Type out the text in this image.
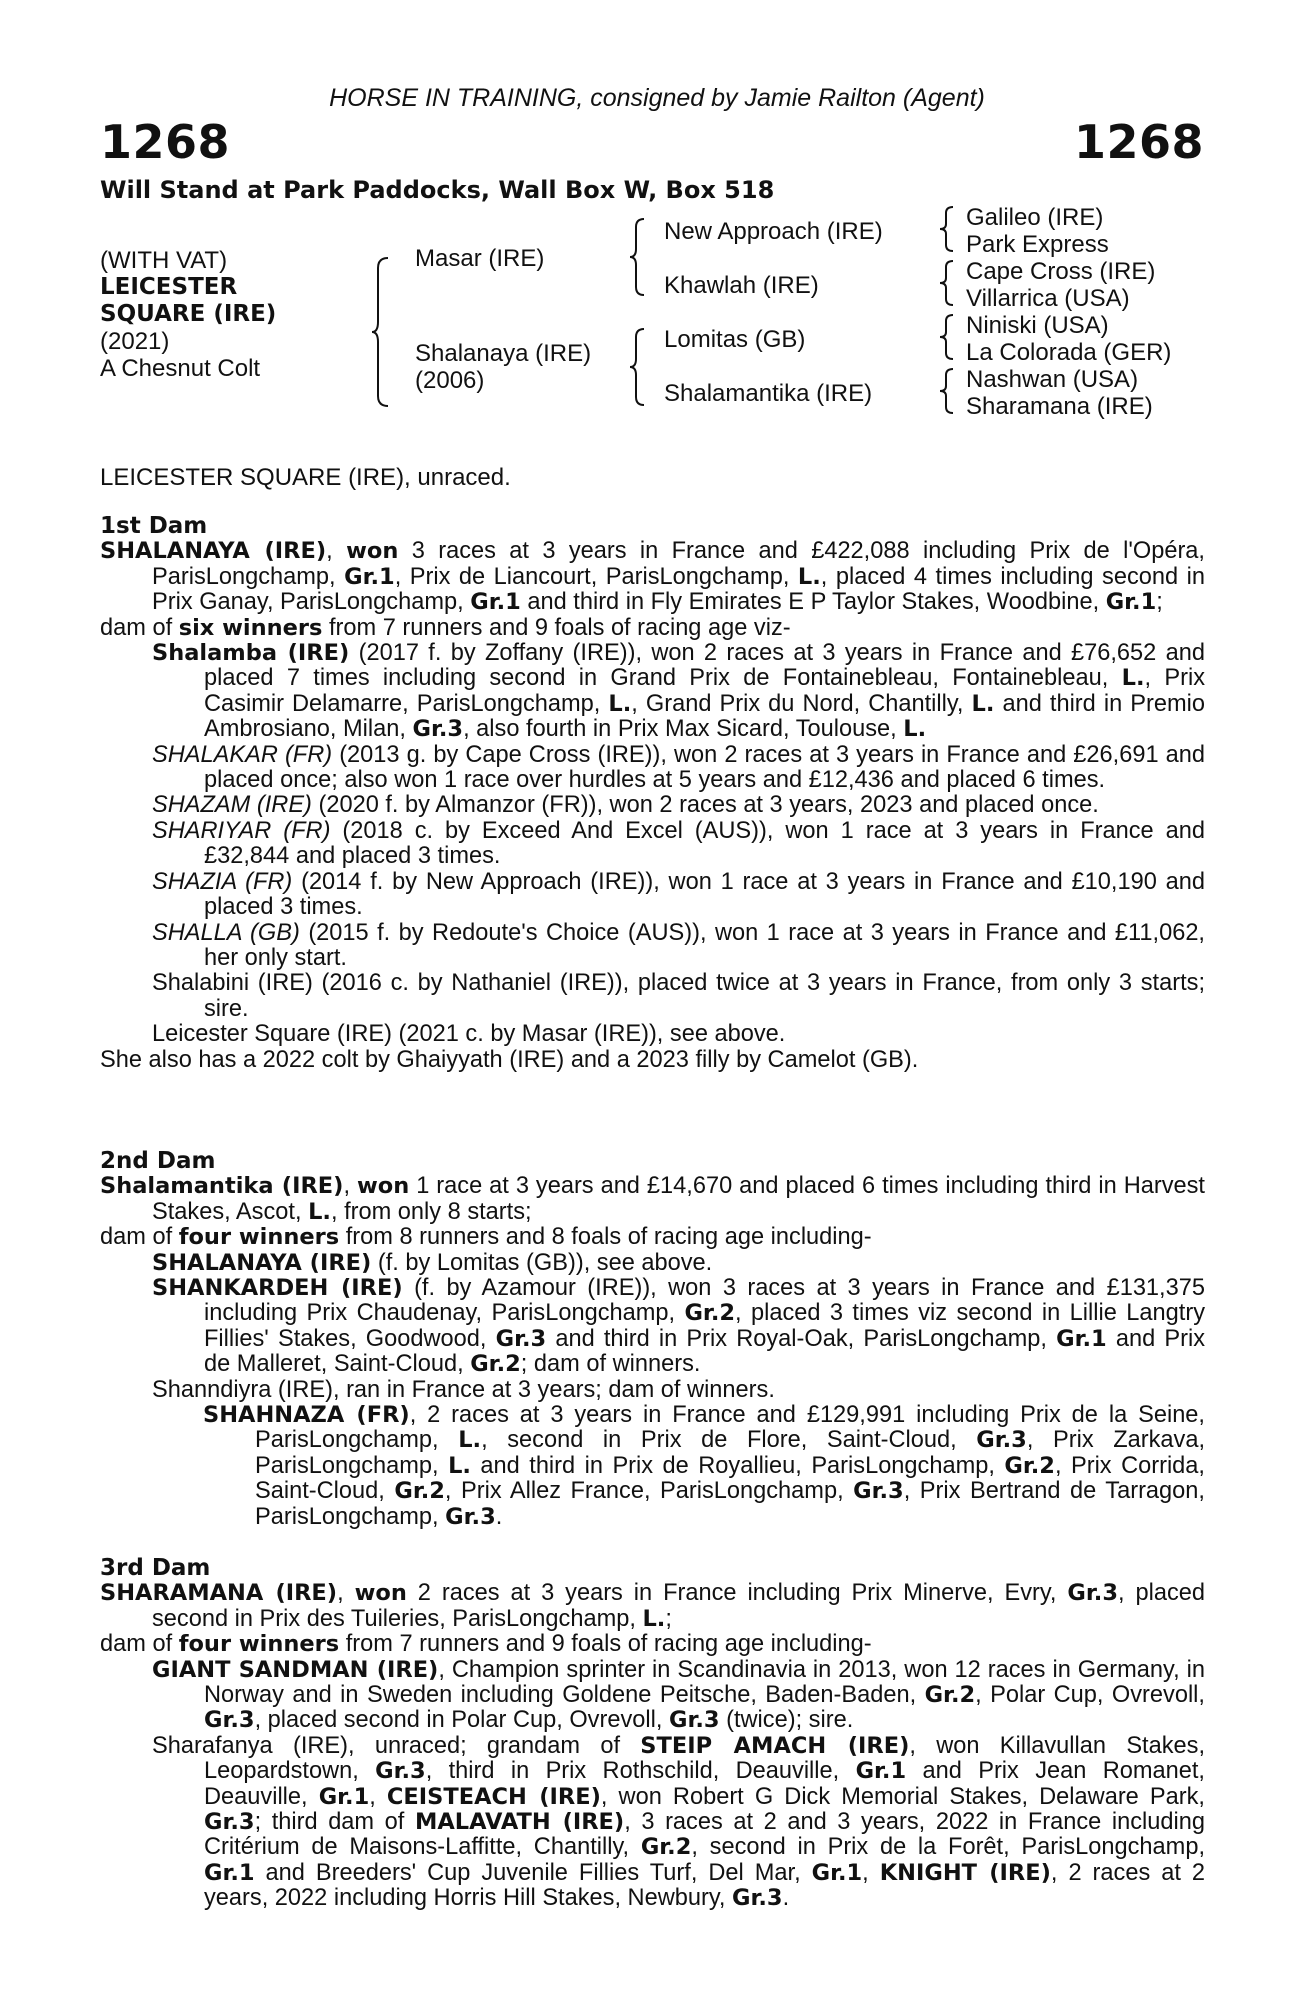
HORSE IN TRAINING, consigned by Jamie Railton (Agent)
1268	1268
Will Stand at Park Paddocks, Wall Box W, Box 518
(WITH VAT)
LEICESTER
SQUARE (IRE)
(2021)
A Chesnut Colt
Masar (IRE)
Shalanaya (IRE)
(2006)
New Approach (IRE)
Khawlah (IRE)
Lomitas (GB)
Shalamantika (IRE)
Galileo (IRE)
Park Express
Cape Cross (IRE)
Villarrica (USA)
Niniski (USA)
La Colorada (GER)
Nashwan (USA)
Sharamana (IRE)
LEICESTER SQUARE (IRE), unraced.
1st Dam

SHALANAYA (IRE), won 3 races at 3 years in France and £422,088 including Prix de l'Opéra, ParisLongchamp, Gr.1, Prix de Liancourt, ParisLongchamp, L., placed 4 times including second in Prix Ganay, ParisLongchamp, Gr.1 and third in Fly Emirates E P Taylor Stakes, Woodbine, Gr.1;

dam of six winners from 7 runners and 9 foals of racing age viz-

Shalamba (IRE) (2017 f. by Zoffany (IRE)), won 2 races at 3 years in France and £76,652 and placed 7 times including second in Grand Prix de Fontainebleau, Fontainebleau, L., Prix Casimir Delamarre, ParisLongchamp, L., Grand Prix du Nord, Chantilly, L. and third in Premio Ambrosiano, Milan, Gr.3, also fourth in Prix Max Sicard, Toulouse, L.

SHALAKAR (FR) (2013 g. by Cape Cross (IRE)), won 2 races at 3 years in France and £26,691 and placed once; also won 1 race over hurdles at 5 years and £12,436 and placed 6 times.

SHAZAM (IRE) (2020 f. by Almanzor (FR)), won 2 races at 3 years, 2023 and placed once.

SHARIYAR (FR) (2018 c. by Exceed And Excel (AUS)), won 1 race at 3 years in France and £32,844 and placed 3 times.

SHAZIA (FR) (2014 f. by New Approach (IRE)), won 1 race at 3 years in France and £10,190 and placed 3 times.

SHALLA (GB) (2015 f. by Redoute's Choice (AUS)), won 1 race at 3 years in France and £11,062, her only start.

Shalabini (IRE) (2016 c. by Nathaniel (IRE)), placed twice at 3 years in France, from only 3 starts; sire.

Leicester Square (IRE) (2021 c. by Masar (IRE)), see above.

She also has a 2022 colt by Ghaiyyath (IRE) and a 2023 filly by Camelot (GB).

2nd Dam

Shalamantika (IRE), won 1 race at 3 years and £14,670 and placed 6 times including third in Harvest Stakes, Ascot, L., from only 8 starts;

dam of four winners from 8 runners and 8 foals of racing age including-

SHALANAYA (IRE) (f. by Lomitas (GB)), see above.

SHANKARDEH (IRE) (f. by Azamour (IRE)), won 3 races at 3 years in France and £131,375 including Prix Chaudenay, ParisLongchamp, Gr.2, placed 3 times viz second in Lillie Langtry Fillies' Stakes, Goodwood, Gr.3 and third in Prix Royal-Oak, ParisLongchamp, Gr.1 and Prix de Malleret, Saint-Cloud, Gr.2; dam of winners.

Shanndiyra (IRE), ran in France at 3 years; dam of winners.

SHAHNAZA (FR), 2 races at 3 years in France and £129,991 including Prix de la Seine, ParisLongchamp, L., second in Prix de Flore, Saint-Cloud, Gr.3, Prix Zarkava, ParisLongchamp, L. and third in Prix de Royallieu, ParisLongchamp, Gr.2, Prix Corrida, Saint-Cloud, Gr.2, Prix Allez France, ParisLongchamp, Gr.3, Prix Bertrand de Tarragon, ParisLongchamp, Gr.3.

3rd Dam

SHARAMANA (IRE), won 2 races at 3 years in France including Prix Minerve, Evry, Gr.3, placed second in Prix des Tuileries, ParisLongchamp, L.;

dam of four winners from 7 runners and 9 foals of racing age including-

GIANT SANDMAN (IRE), Champion sprinter in Scandinavia in 2013, won 12 races in Germany, in Norway and in Sweden including Goldene Peitsche, Baden-Baden, Gr.2, Polar Cup, Ovrevoll, Gr.3, placed second in Polar Cup, Ovrevoll, Gr.3 (twice); sire.

Sharafanya (IRE), unraced; grandam of STEIP AMACH (IRE), won Killavullan Stakes, Leopardstown, Gr.3, third in Prix Rothschild, Deauville, Gr.1 and Prix Jean Romanet, Deauville, Gr.1, CEISTEACH (IRE), won Robert G Dick Memorial Stakes, Delaware Park, Gr.3; third dam of MALAVATH (IRE), 3 races at 2 and 3 years, 2022 in France including Critérium de Maisons-Laffitte, Chantilly, Gr.2, second in Prix de la Forêt, ParisLongchamp, Gr.1 and Breeders' Cup Juvenile Fillies Turf, Del Mar, Gr.1, KNIGHT (IRE), 2 races at 2 years, 2022 including Horris Hill Stakes, Newbury, Gr.3.
